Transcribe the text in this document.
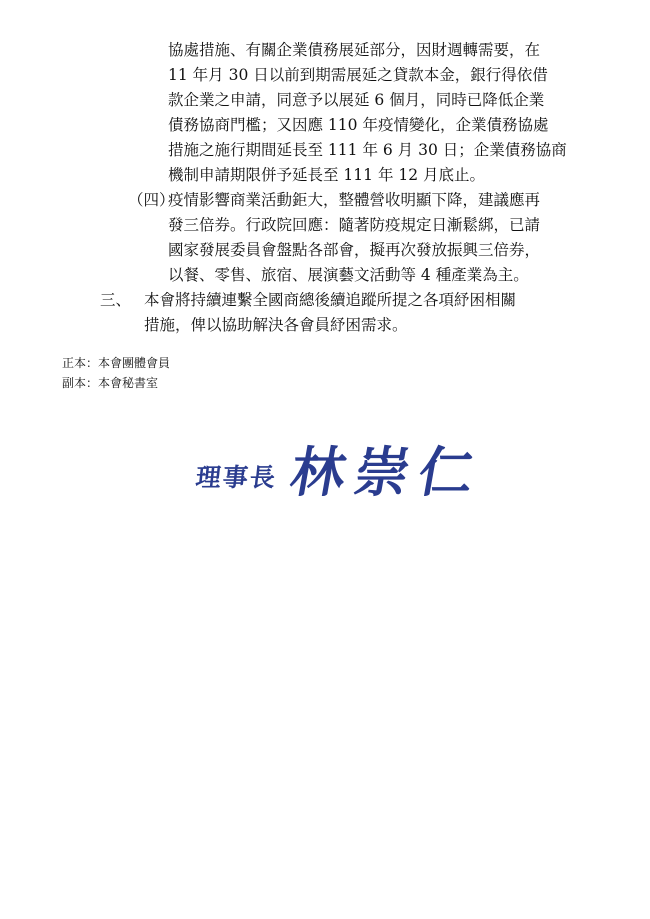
協處措施、有關企業債務展延部分，因財週轉需要，在
11 年月 30 日以前到期需展延之貸款本金，銀行得依借
款企業之申請，同意予以展延 6 個月，同時已降低企業
債務協商門檻；又因應 110 年疫情變化，企業債務協處
措施之施行期間延長至 111 年 6 月 30 日；企業債務協商
機制申請期限併予延長至 111 年 12 月底止。
（四）
疫情影響商業活動鉅大，整體營收明顯下降，建議應再
發三倍券。行政院回應：隨著防疫規定日漸鬆綁，已請
國家發展委員會盤點各部會，擬再次發放振興三倍券，
以餐、零售、旅宿、展演藝文活動等 4 種產業為主。
三、 本會將持續連繫全國商總後續追蹤所提之各項紓困相關
措施，俾以協助解決各會員紓困需求。
正本：本會團體會員
副本：本會秘書室
理事長 林崇仁
